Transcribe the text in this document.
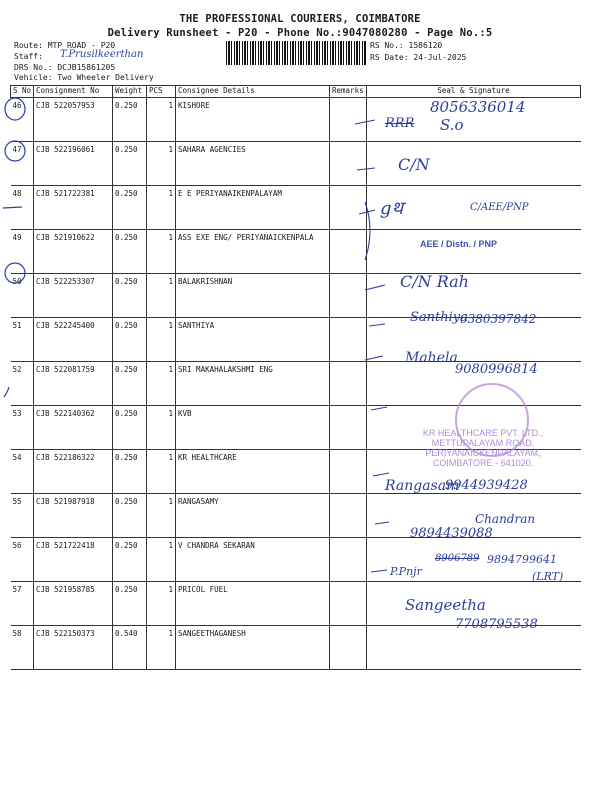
THE PROFESSIONAL COURIERS, COIMBATORE
Delivery Runsheet - P20 - Phone No.:9047080280 - Page No.:5
Route: MTP ROAD - P20
Staff: T.Prusilkeerthan
DRS No.: DCJB15861205
Vehicle: Two Wheeler Delivery
RS No.: 1586120
RS Date: 24-Jul-2025
S No	Consignment No	Weight	PCS	Consignee Details	Remarks	Seal & Signature
46	CJB 522057953	0.250	1	KISHORE		
47	CJB 522196061	0.250	1	SAHARA AGENCIES		
48	CJB 521722381	0.250	1	E E PERIYANAIKENPALAYAM		
49	CJB 521910622	0.250	1	ASS EXE ENG/ PERIYANAICKENPALA		
50	CJB 522253307	0.250	1	BALAKRISHNAN		
51	CJB 522245400	0.250	1	SANTHIYA		
52	CJB 522081759	0.250	1	SRI MAKAHALAKSHMI ENG		
53	CJB 522140362	0.250	1	KVB		
54	CJB 522186322	0.250	1	KR HEALTHCARE		
55	CJB 521987918	0.250	1	RANGASAMY		
56	CJB 521722418	0.250	1	V CHANDRA SEKARAN		
57	CJB 521958785	0.250	1	PRICOL FUEL		
58	CJB 522150373	0.540	1	SANGEETHAGANESH		
8056336014
RRR S.o
C/N
gथ	C/AEE/PNP
AEE / Distn. / PNP
C/N Rah
Santhiya
6380397842
Mahela
9080996814
KR HEALTHCARE PVT. LTD., METTUPALAYAM ROAD, PERIYANAICKENPALAYAM, COIMBATORE - 641020.
Rangasam
9944939428
Chandran
9894439088
P.Pnjr
8906789 9894799641
(LRT)
Sangeetha
7708795538
